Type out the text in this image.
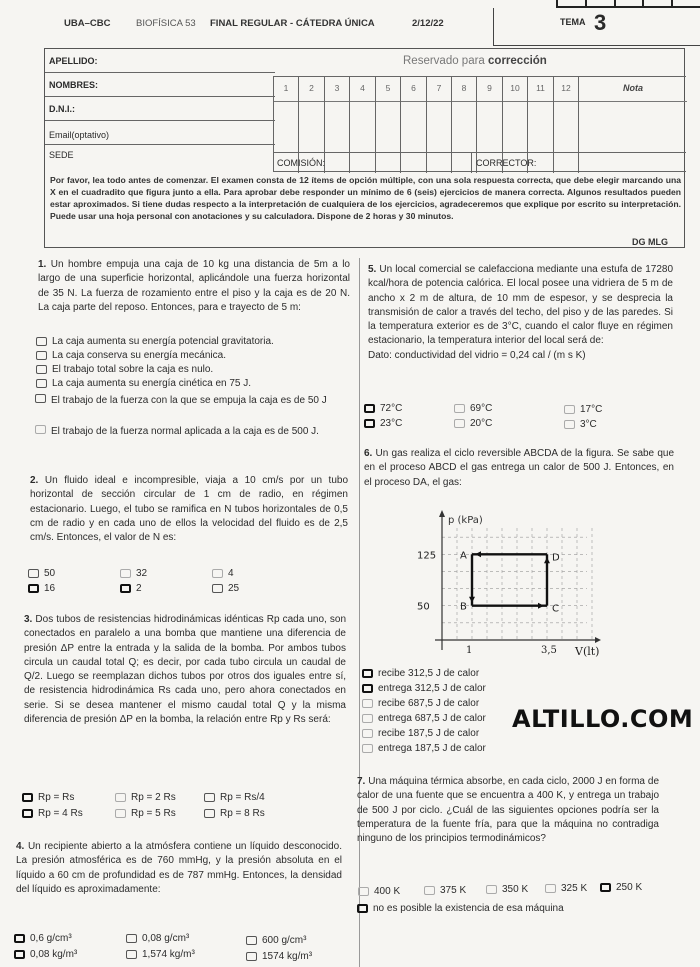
UBA–CBC	BIOFÍSICA 53 FINAL REGULAR - CÁTEDRA ÚNICA	2/12/22	TEMA 3
APELLIDO:
NOMBRES:
D.N.I.:
Email(optativo)
SEDE
Reservado para corrección
1	2	3	4	5	6	7	8	9	10	11	12	Nota
COMISIÓN:	CORRECTOR:
Por favor, lea todo antes de comenzar. El examen consta de 12 ítems de opción múltiple, con una sola respuesta correcta, que debe elegir marcando una X en el cuadradito que figura junto a ella. Para aprobar debe responder un mínimo de 6 (seis) ejercicios de manera correcta. Algunos resultados pueden estar aproximados. Si tiene dudas respecto a la interpretación de cualquiera de los ejercicios, agradeceremos que explique por escrito su interpretación. Puede usar una hoja personal con anotaciones y su calculadora. Dispone de 2 horas y 30 minutos.
DG MLG
1. Un hombre empuja una caja de 10 kg una distancia de 5m a lo largo de una superficie horizontal, aplicándole una fuerza horizontal de 35 N. La fuerza de rozamiento entre el piso y la caja es de 20 N. La caja parte del reposo. Entonces, para e trayecto de 5 m:
La caja aumenta su energía potencial gravitatoria.
La caja conserva su energía mecánica.
El trabajo total sobre la caja es nulo.
La caja aumenta su energía cinética en 75 J.
El trabajo de la fuerza con la que se empuja la caja es de 50 J
El trabajo de la fuerza normal aplicada a la caja es de 500 J.
2. Un fluido ideal e incompresible, viaja a 10 cm/s por un tubo horizontal de sección circular de 1 cm de radio, en régimen estacionario. Luego, el tubo se ramifica en N tubos horizontales de 0,5 cm de radio y en cada uno de ellos la velocidad del fluido es de 2,5 cm/s. Entonces, el valor de N es:
50	32	4
16	2	25
3. Dos tubos de resistencias hidrodinámicas idénticas Rp cada uno, son conectados en paralelo a una bomba que mantiene una diferencia de presión ΔP entre la entrada y la salida de la bomba. Por ambos tubos circula un caudal total Q; es decir, por cada tubo circula un caudal de Q/2. Luego se reemplazan dichos tubos por otros dos iguales entre sí, de resistencia hidrodinámica Rs cada uno, pero ahora conectados en serie. Si se desea mantener el mismo caudal total Q y la misma diferencia de presión ΔP en la bomba, la relación entre Rp y Rs será:
Rp = Rs	Rp = 2 Rs	Rp = Rs/4
Rp = 4 Rs	Rp = 5 Rs	Rp = 8 Rs
4. Un recipiente abierto a la atmósfera contiene un líquido desconocido. La presión atmosférica es de 760 mmHg, y la presión absoluta en el líquido a 60 cm de profundidad es de 787 mmHg. Entonces, la densidad del líquido es aproximadamente:
0,6 g/cm³	0,08 g/cm³	600 g/cm³
0,08 kg/m³	1,574 kg/m³	1574 kg/m³
5. Un local comercial se calefacciona mediante una estufa de 17280 kcal/hora de potencia calórica. El local posee una vidriera de 5 m de ancho x 2 m de altura, de 10 mm de espesor, y se desprecia la transmisión de calor a través del techo, del piso y de las paredes. Si la temperatura exterior es de 3°C, cuando el calor fluye en régimen estacionario, la temperatura interior del local será de:
Dato: conductividad del vidrio = 0,24 cal / (m s K)
72°C	69°C	17°C
23°C	20°C	3°C
6. Un gas realiza el ciclo reversible ABCDA de la figura. Se sabe que en el proceso ABCD el gas entrega un calor de 500 J. Entonces, en el proceso DA, el gas:
p (kPa)
V(lt)
A
B	C
D
1	3,5
125
50
recibe 312,5 J de calor
entrega 312,5 J de calor
recibe 687,5 J de calor
entrega 687,5 J de calor
recibe 187,5 J de calor
entrega 187,5 J de calor
ALTILLO.COM
7. Una máquina térmica absorbe, en cada ciclo, 2000 J en forma de calor de una fuente que se encuentra a 400 K, y entrega un trabajo de 500 J por ciclo. ¿Cuál de las siguientes opciones podría ser la temperatura de la fuente fría, para que la máquina no contradiga ninguno de los principios termodinámicos?
400 K	375 K	350 K	325 K	250 K
no es posible la existencia de esa máquina
